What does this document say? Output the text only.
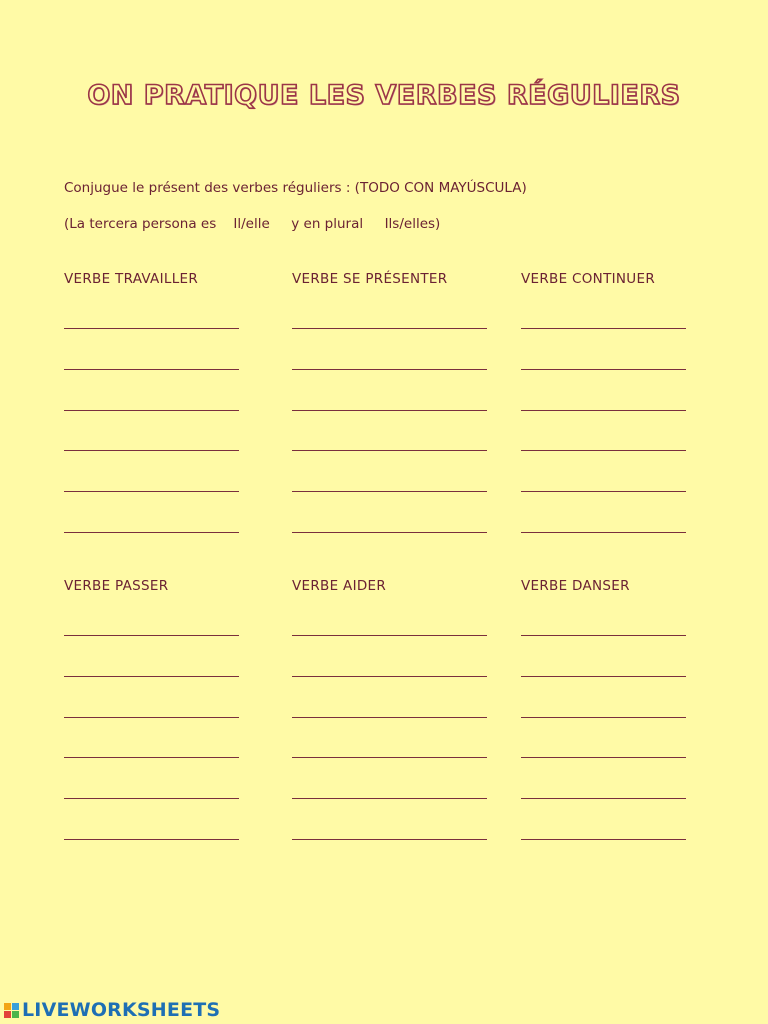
ON PRATIQUE LES VERBES RÉGULIERS
Conjugue le présent des verbes réguliers : (TODO CON MAYÚSCULA)
(La tercera persona es    Il/elle     y en plural     Ils/elles)
VERBE TRAVAILLER	VERBE SE PRÉSENTER	VERBE CONTINUER
VERBE PASSER	VERBE AIDER	VERBE DANSER
LIVEWORKSHEETS
